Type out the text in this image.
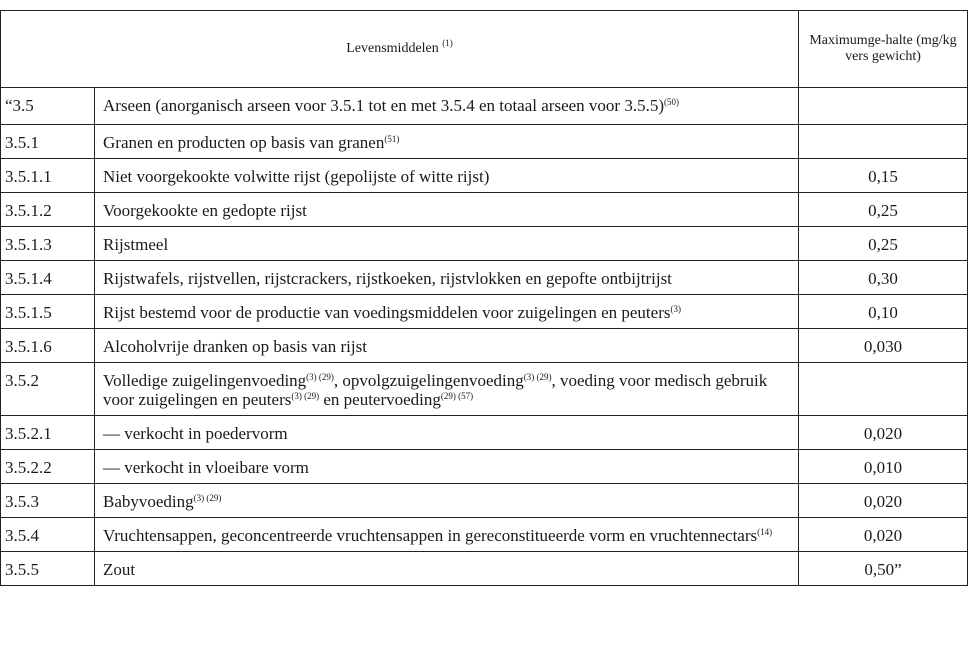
Levensmiddelen $^{(1)}$		Maximumge-halte (mg/kg vers gewicht)
“3.5	Arseen (anorganisch arseen voor 3.5.1 tot en met 3.5.4 en totaal arseen voor 3.5.5)$^{(50)}$	
3.5.1	Granen en producten op basis van granen$^{(51)}$	
3.5.1.1	Niet voorgekookte volwitte rijst (gepolijste of witte rijst)	0,15
3.5.1.2	Voorgekookte en gedopte rijst	0,25
3.5.1.3	Rijstmeel	0,25
3.5.1.4	Rijstwafels, rijstvellen, rijstcrackers, rijstkoeken, rijstvlokken en gepofte ontbijtrijst	0,30
3.5.1.5	Rijst bestemd voor de productie van voedingsmiddelen voor zuigelingen en peuters$^{(3)}$	0,10
3.5.1.6	Alcoholvrije dranken op basis van rijst	0,030
3.5.2	Volledige zuigelingenvoeding$^{(3) (29)}$, opvolgzuigelingenvoeding$^{(3) (29)}$, voeding voor medisch gebruik voor zuigelingen en peuters$^{(3) (29)}$ en peutervoeding$^{(29) (57)}$	
3.5.2.1	— verkocht in poedervorm	0,020
3.5.2.2	— verkocht in vloeibare vorm	0,010
3.5.3	Babyvoeding$^{(3) (29)}$	0,020
3.5.4	Vruchtensappen, geconcentreerde vruchtensappen in gereconstitueerde vorm en vruchtennectars$^{(14)}$	0,020
3.5.5	Zout	0,50”
